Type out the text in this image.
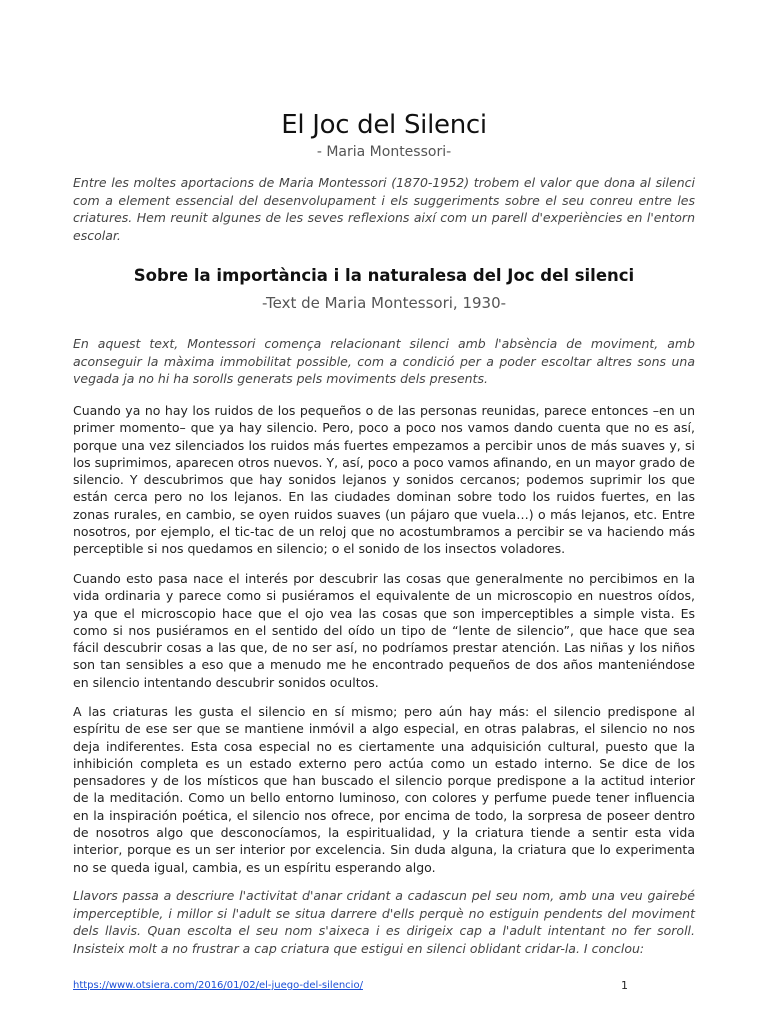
El Joc del Silenci

- Maria Montessori-

Entre les moltes aportacions de Maria Montessori (1870-1952) trobem el valor que dona al silenci com a element essencial del desenvolupament i els suggeriments sobre el seu conreu entre les criatures. Hem reunit algunes de les seves reflexions així com un parell d'experiències en l'entorn escolar.

Sobre la importància i la naturalesa del Joc del silenci

-Text de Maria Montessori, 1930-

En aquest text, Montessori comença relacionant silenci amb l'absència de moviment, amb aconseguir la màxima immobilitat possible, com a condició per a poder escoltar altres sons una vegada ja no hi ha sorolls generats pels moviments dels presents.

Cuando ya no hay los ruidos de los pequeños o de las personas reunidas, parece entonces –en un primer momento– que ya hay silencio. Pero, poco a poco nos vamos dando cuenta que no es así, porque una vez silenciados los ruidos más fuertes empezamos a percibir unos de más suaves y, si los suprimimos, aparecen otros nuevos. Y, así, poco a poco vamos afinando, en un mayor grado de silencio. Y descubrimos que hay sonidos lejanos y sonidos cercanos; podemos suprimir los que están cerca pero no los lejanos. En las ciudades dominan sobre todo los ruidos fuertes, en las zonas rurales, en cambio, se oyen ruidos suaves (un pájaro que vuela…) o más lejanos, etc. Entre nosotros, por ejemplo, el tic-tac de un reloj que no acostumbramos a percibir se va haciendo más perceptible si nos quedamos en silencio; o el sonido de los insectos voladores.

Cuando esto pasa nace el interés por descubrir las cosas que generalmente no percibimos en la vida ordinaria y parece como si pusiéramos el equivalente de un microscopio en nuestros oídos, ya que el microscopio hace que el ojo vea las cosas que son imperceptibles a simple vista. Es como si nos pusiéramos en el sentido del oído un tipo de “lente de silencio”, que hace que sea fácil descubrir cosas a las que, de no ser así, no podríamos prestar atención. Las niñas y los niños son tan sensibles a eso que a menudo me he encontrado pequeños de dos años manteniéndose en silencio intentando descubrir sonidos ocultos.

A las criaturas les gusta el silencio en sí mismo; pero aún hay más: el silencio predispone al espíritu de ese ser que se mantiene inmóvil a algo especial, en otras palabras, el silencio no nos deja indiferentes. Esta cosa especial no es ciertamente una adquisición cultural, puesto que la inhibición completa es un estado externo pero actúa como un estado interno. Se dice de los pensadores y de los místicos que han buscado el silencio porque predispone a la actitud interior de la meditación. Como un bello entorno luminoso, con colores y perfume puede tener influencia en la inspiración poética, el silencio nos ofrece, por encima de todo, la sorpresa de poseer dentro de nosotros algo que desconocíamos, la espiritualidad, y la criatura tiende a sentir esta vida interior, porque es un ser interior por excelencia. Sin duda alguna, la criatura que lo experimenta no se queda igual, cambia, es un espíritu esperando algo.

Llavors passa a descriure l'activitat d'anar cridant a cadascun pel seu nom, amb una veu gairebé imperceptible, i millor si l'adult se situa darrere d'ells perquè no estiguin pendents del moviment dels llavis. Quan escolta el seu nom s'aixeca i es dirigeix cap a l'adult intentant no fer soroll. Insisteix molt a no frustrar a cap criatura que estigui en silenci oblidant cridar-la. I conclou:

https://www.otsiera.com/2016/01/02/el-juego-del-silencio/	1
